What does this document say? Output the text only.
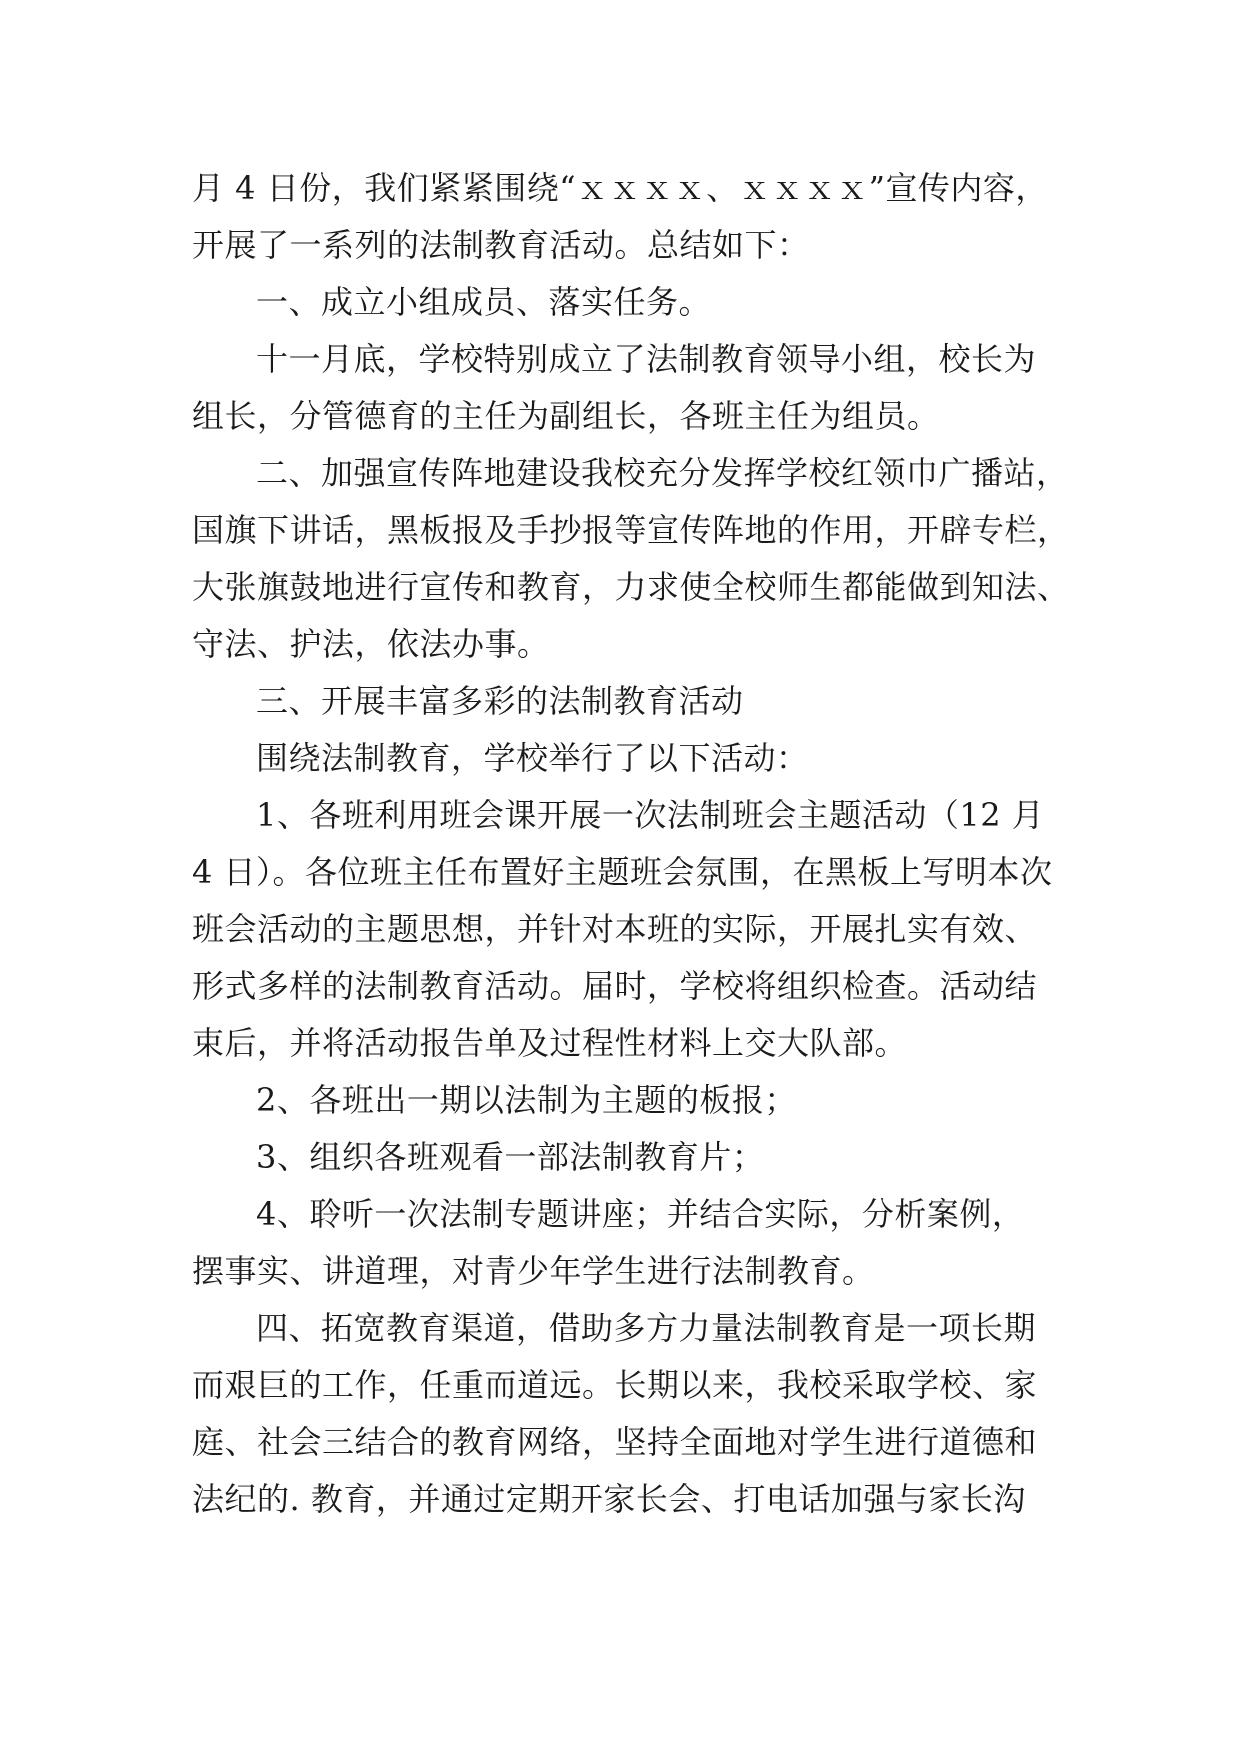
月 4 日份，我们紧紧围绕“ｘｘｘｘ、ｘｘｘｘ”宣传内容，
开展了一系列的法制教育活动。总结如下：
一、成立小组成员、落实任务。
十一月底，学校特别成立了法制教育领导小组，校长为
组长，分管德育的主任为副组长，各班主任为组员。
二、加强宣传阵地建设我校充分发挥学校红领巾广播站，
国旗下讲话，黑板报及手抄报等宣传阵地的作用，开辟专栏，
大张旗鼓地进行宣传和教育，力求使全校师生都能做到知法、
守法、护法，依法办事。
三、开展丰富多彩的法制教育活动
围绕法制教育，学校举行了以下活动：
1、各班利用班会课开展一次法制班会主题活动（12 月
4 日）。各位班主任布置好主题班会氛围，在黑板上写明本次
班会活动的主题思想，并针对本班的实际，开展扎实有效、
形式多样的法制教育活动。届时，学校将组织检查。活动结
束后，并将活动报告单及过程性材料上交大队部。
2、各班出一期以法制为主题的板报；
3、组织各班观看一部法制教育片；
4、聆听一次法制专题讲座；并结合实际，分析案例，
摆事实、讲道理，对青少年学生进行法制教育。
四、拓宽教育渠道，借助多方力量法制教育是一项长期
而艰巨的工作，任重而道远。长期以来，我校采取学校、家
庭、社会三结合的教育网络，坚持全面地对学生进行道德和
法纪的. 教育，并通过定期开家长会、打电话加强与家长沟
